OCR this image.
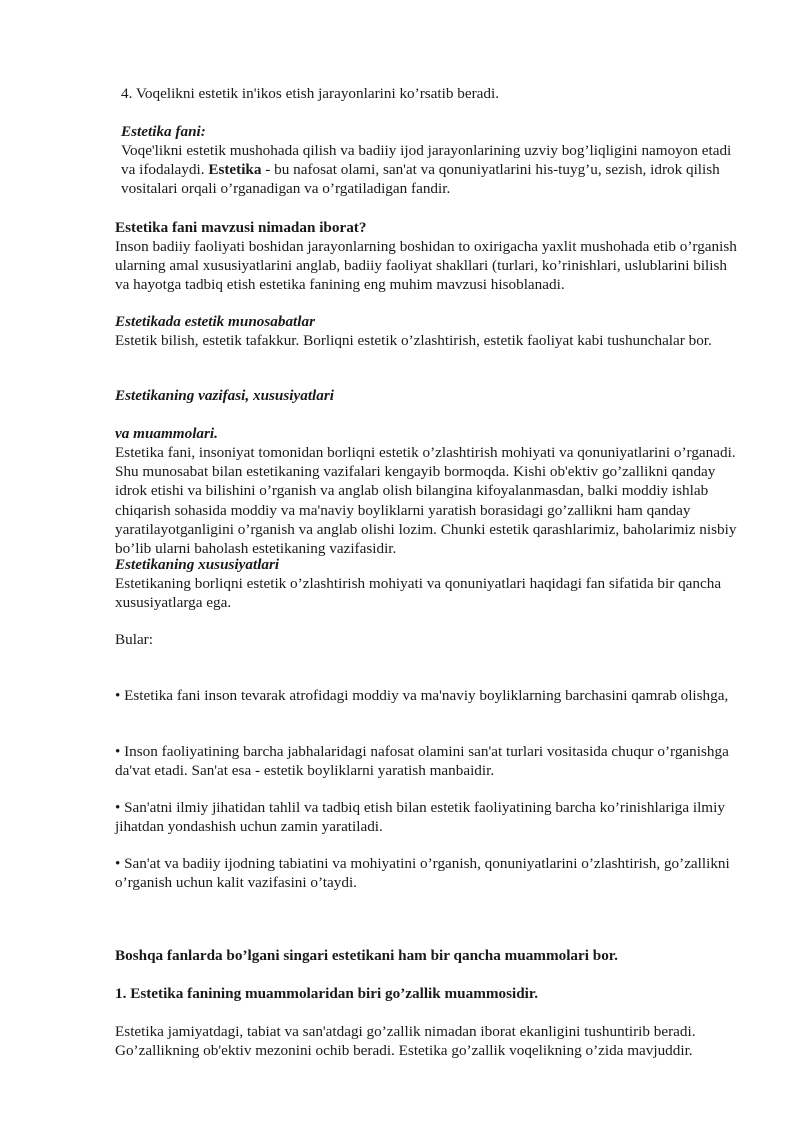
4. Voqelikni estetik in'ikos etish jarayonlarini ko’rsatib beradi.

Estetika fani:

Voqe'likni estetik mushohada qilish va badiiy ijod jarayonlarining uzviy bog’liqligini namoyon etadi va ifodalaydi. Estetika - bu nafosat olami, san'at va qonuniyatlarini his-tuyg’u, sezish, idrok qilish vositalari orqali o’rganadigan va o’rgatiladigan fandir.

Estetika fani mavzusi nimadan iborat?

Inson badiiy faoliyati boshidan jarayonlarning boshidan to oxirigacha yaxlit mushohada etib o’rganish ularning amal xususiyatlarini anglab, badiiy faoliyat shakllari (turlari, ko’rinishlari, uslublarini bilish va hayotga tadbiq etish estetika fanining eng muhim mavzusi hisoblanadi.

Estetikada estetik munosabatlar

Estetik bilish, estetik tafakkur. Borliqni estetik o’zlashtirish, estetik faoliyat kabi tushunchalar bor.

Estetikaning vazifasi, xususiyatlari

va muammolari.

Estetika fani, insoniyat tomonidan borliqni estetik o’zlashtirish mohiyati va qonuniyatlarini o’rganadi. Shu munosabat bilan estetikaning vazifalari kengayib bormoqda. Kishi ob'ektiv go’zallikni qanday idrok etishi va bilishini o’rganish va anglab olish bilangina kifoyalanmasdan, balki moddiy ishlab chiqarish sohasida moddiy va ma'naviy boyliklarni yaratish borasidagi go’zallikni ham qanday yaratilayotganligini o’rganish va anglab olishi lozim. Chunki estetik qarashlarimiz, baholarimiz nisbiy bo’lib ularni baholash estetikaning vazifasidir.

Estetikaning xususiyatlari

Estetikaning borliqni estetik o’zlashtirish mohiyati va qonuniyatlari haqidagi fan sifatida bir qancha xususiyatlarga ega.

Bular:

• Estetika fani inson tevarak atrofidagi moddiy va ma'naviy boyliklarning barchasini qamrab olishga,

• Inson faoliyatining barcha jabhalaridagi nafosat olamini san'at turlari vositasida chuqur o’rganishga da'vat etadi. San'at esa - estetik boyliklarni yaratish manbaidir.

• San'atni ilmiy jihatidan tahlil va tadbiq etish bilan estetik faoliyatining barcha ko’rinishlariga ilmiy jihatdan yondashish uchun zamin yaratiladi.

• San'at va badiiy ijodning tabiatini va mohiyatini o’rganish, qonuniyatlarini o’zlashtirish, go’zallikni o’rganish uchun kalit vazifasini o’taydi.

Boshqa fanlarda bo’lgani singari estetikani ham bir qancha muammolari bor.

1. Estetika fanining muammolaridan biri go’zallik muammosidir.

Estetika jamiyatdagi, tabiat va san'atdagi go’zallik nimadan iborat ekanligini tushuntirib beradi. Go’zallikning ob'ektiv mezonini ochib beradi. Estetika go’zallik voqelikning o’zida mavjuddir.
